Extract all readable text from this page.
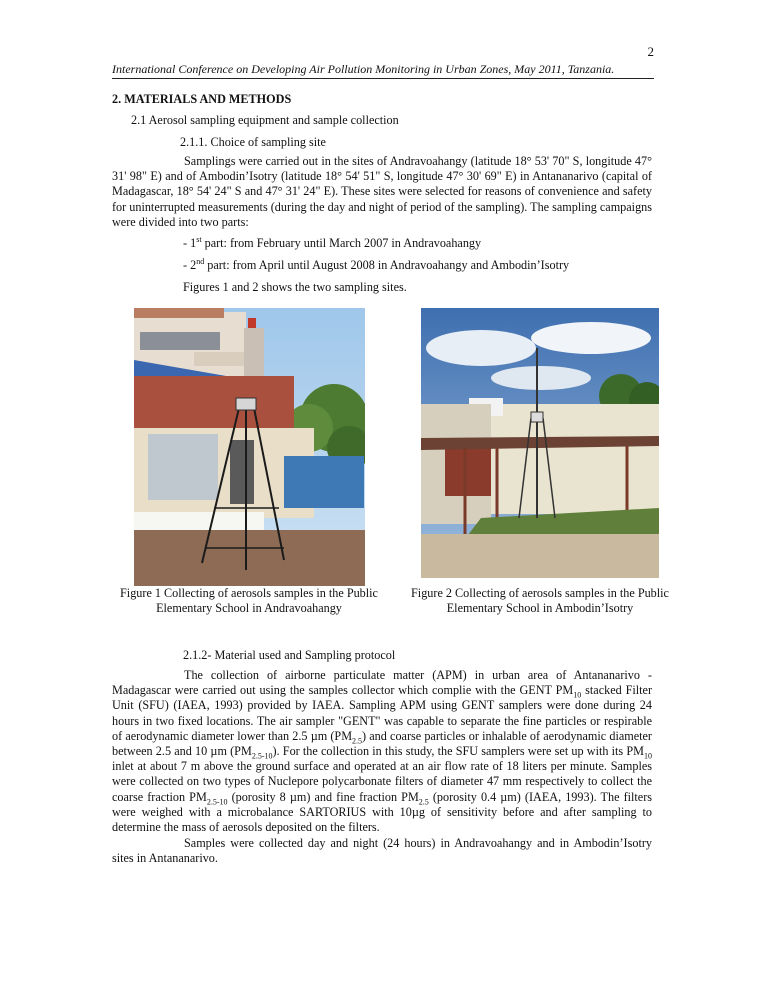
2
International Conference on Developing Air Pollution Monitoring in Urban Zones, May 2011, Tanzania.
2. MATERIALS AND METHODS
2.1 Aerosol sampling equipment and sample collection
2.1.1. Choice of sampling site
Samplings were carried out in the sites of Andravoahangy (latitude 18° 53' 70" S, longitude 47° 31' 98" E) and of Ambodin’Isotry (latitude 18° 54' 51" S, longitude 47° 30' 69" E) in Antananarivo (capital of Madagascar, 18° 54' 24" S and 47° 31' 24" E). These sites were selected for reasons of convenience and safety for uninterrupted measurements (during the day and night of period of the sampling). The sampling campaigns were divided into two parts:
- 1st part: from February until March 2007 in Andravoahangy
- 2nd part: from April until August 2008 in Andravoahangy and Ambodin’Isotry
Figures 1 and 2 shows the two sampling sites.
Figure 1 Collecting of aerosols samples in the Public Elementary School in Andravoahangy
Figure 2 Collecting of aerosols samples in the Public Elementary School in Ambodin’Isotry
2.1.2- Material used and Sampling protocol
The collection of airborne particulate matter (APM) in urban area of Antananarivo - Madagascar were carried out using the samples collector which complie with the GENT $PM_{10}$ stacked Filter Unit (SFU) (IAEA, 1993) provided by IAEA. Sampling APM using GENT samplers were done during 24 hours in two fixed locations. The air sampler "GENT" was capable to separate the fine particles or respirable of aerodynamic diameter lower than 2.5 µm $(PM_{2.5})$ and coarse particles or inhalable of aerodynamic diameter between 2.5 and 10 µm $(PM_{2.5-10})$. For the collection in this study, the SFU samplers were set up with its $PM_{10}$ inlet at about 7 m above the ground surface and operated at an air flow rate of 18 liters per minute. Samples were collected on two types of Nuclepore polycarbonate filters of diameter 47 mm respectively to collect the coarse fraction $PM_{2.5-10}$ (porosity 8 µm) and fine fraction $PM_{2.5}$ (porosity 0.4 µm) (IAEA, 1993). The filters were weighed with a microbalance SARTORIUS with 10µg of sensitivity before and after sampling to determine the mass of aerosols deposited on the filters.
Samples were collected day and night (24 hours) in Andravoahangy and in Ambodin’Isotry sites in Antananarivo.
